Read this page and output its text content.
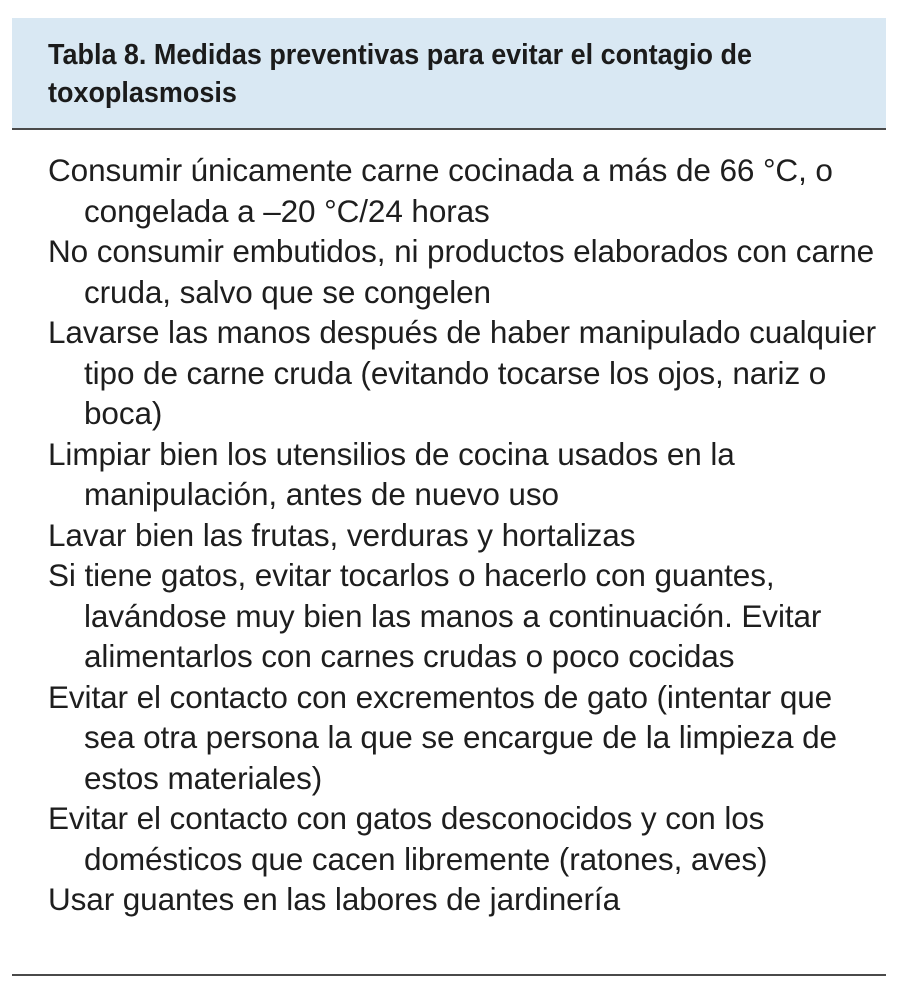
Tabla 8. Medidas preventivas para evitar el contagio de toxoplasmosis
Consumir únicamente carne cocinada a más de 66 °C, o congelada a –20 °C/24 horas
No consumir embutidos, ni productos elaborados con carne cruda, salvo que se congelen
Lavarse las manos después de haber manipulado cualquier tipo de carne cruda (evitando tocarse los ojos, nariz o boca)
Limpiar bien los utensilios de cocina usados en la manipulación, antes de nuevo uso
Lavar bien las frutas, verduras y hortalizas
Si tiene gatos, evitar tocarlos o hacerlo con guantes, lavándose muy bien las manos a continuación. Evitar alimentarlos con carnes crudas o poco cocidas
Evitar el contacto con excrementos de gato (intentar que sea otra persona la que se encargue de la limpieza de estos materiales)
Evitar el contacto con gatos desconocidos y con los domésticos que cacen libremente (ratones, aves)
Usar guantes en las labores de jardinería
